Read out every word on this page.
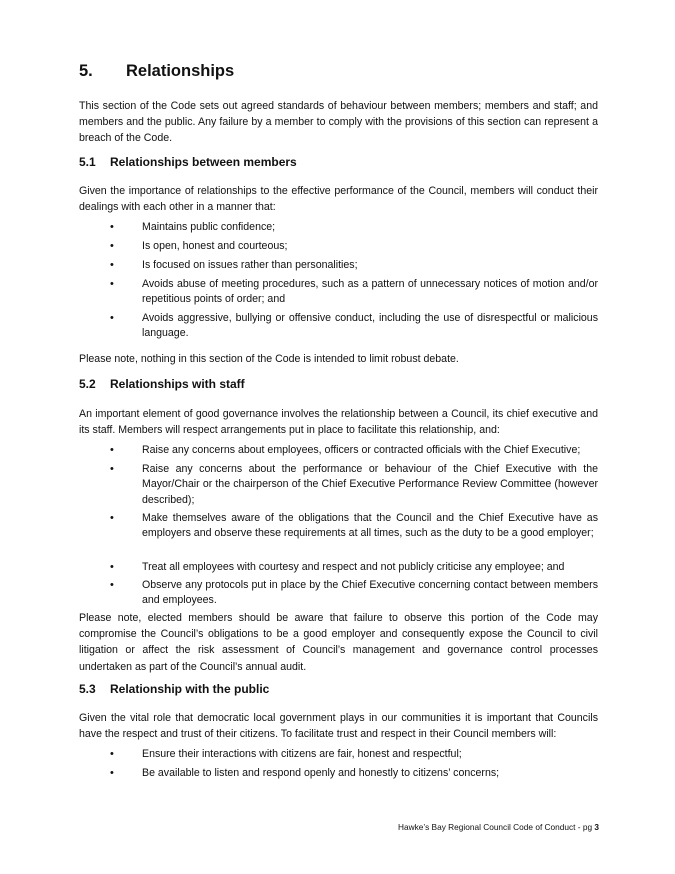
5. Relationships

This section of the Code sets out agreed standards of behaviour between members; members and staff; and members and the public. Any failure by a member to comply with the provisions of this section can represent a breach of the Code.

5.1 Relationships between members

Given the importance of relationships to the effective performance of the Council, members will conduct their dealings with each other in a manner that:

•	Maintains public confidence;
•	Is open, honest and courteous;
•	Is focused on issues rather than personalities;
•	Avoids abuse of meeting procedures, such as a pattern of unnecessary notices of motion and/or repetitious points of order; and
•	Avoids aggressive, bullying or offensive conduct, including the use of disrespectful or malicious language.

Please note, nothing in this section of the Code is intended to limit robust debate.

5.2 Relationships with staff

An important element of good governance involves the relationship between a Council, its chief executive and its staff. Members will respect arrangements put in place to facilitate this relationship, and:

•	Raise any concerns about employees, officers or contracted officials with the Chief Executive;
•	Raise any concerns about the performance or behaviour of the Chief Executive with the Mayor/Chair or the chairperson of the Chief Executive Performance Review Committee (however described);
•	Make themselves aware of the obligations that the Council and the Chief Executive have as employers and observe these requirements at all times, such as the duty to be a good employer;
•	Treat all employees with courtesy and respect and not publicly criticise any employee; and
•	Observe any protocols put in place by the Chief Executive concerning contact between members and employees.

Please note, elected members should be aware that failure to observe this portion of the Code may compromise the Council’s obligations to be a good employer and consequently expose the Council to civil litigation or affect the risk assessment of Council’s management and governance control processes undertaken as part of the Council’s annual audit.

5.3 Relationship with the public

Given the vital role that democratic local government plays in our communities it is important that Councils have the respect and trust of their citizens. To facilitate trust and respect in their Council members will:

•	Ensure their interactions with citizens are fair, honest and respectful;
•	Be available to listen and respond openly and honestly to citizens’ concerns;
Hawke’s Bay Regional Council Code of Conduct - pg 3
